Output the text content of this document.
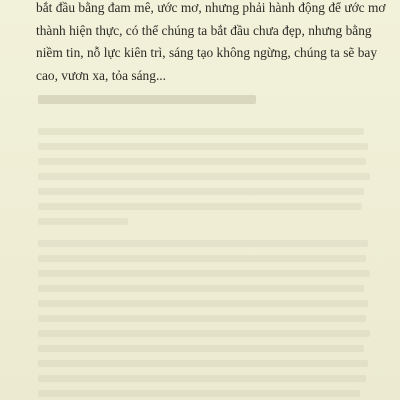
bắt đầu bằng đam mê, ước mơ, nhưng phải hành động để ước mơ
thành hiện thực, có thể chúng ta bắt đầu chưa đẹp, nhưng bằng
niềm tin, nỗ lực kiên trì, sáng tạo không ngừng, chúng ta sẽ bay
cao, vươn xa, tỏa sáng...
